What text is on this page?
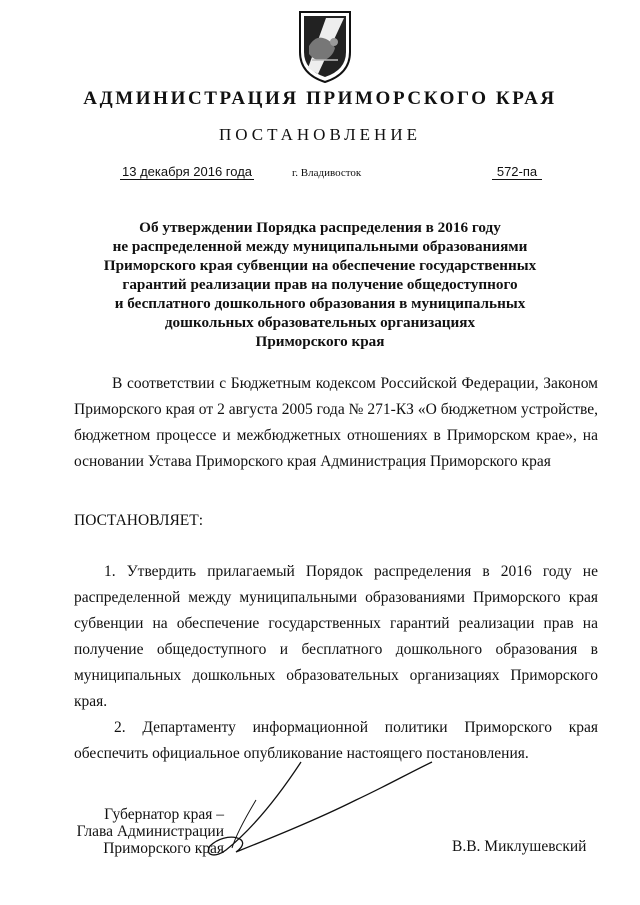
АДМИНИСТРАЦИЯ ПРИМОРСКОГО КРАЯ
ПОСТАНОВЛЕНИЕ
13 декабря 2016 года	г. Владивосток	572-па
Об утверждении Порядка распределения в 2016 году
не распределенной между муниципальными образованиями
Приморского края субвенции на обеспечение государственных
гарантий реализации прав на получение общедоступного
и бесплатного дошкольного образования в муниципальных
дошкольных образовательных организациях
Приморского края
В соответствии с Бюджетным кодексом Российской Федерации, Законом
Приморского края от 2 августа 2005 года № 271-КЗ «О бюджетном устройстве,
бюджетном процессе и межбюджетных отношениях в Приморском крае», на
основании Устава Приморского края Администрация Приморского края
ПОСТАНОВЛЯЕТ:
1. Утвердить прилагаемый Порядок распределения в 2016 году не
распределенной между муниципальными образованиями Приморского края
субвенции на обеспечение государственных гарантий реализации прав на
получение общедоступного и бесплатного дошкольного образования в
муниципальных дошкольных образовательных организациях Приморского
края.
2. Департаменту информационной политики Приморского края
обеспечить официальное опубликование настоящего постановления.
Губернатор края –
Глава Администрации
Приморского края	В.В. Миклушевский
